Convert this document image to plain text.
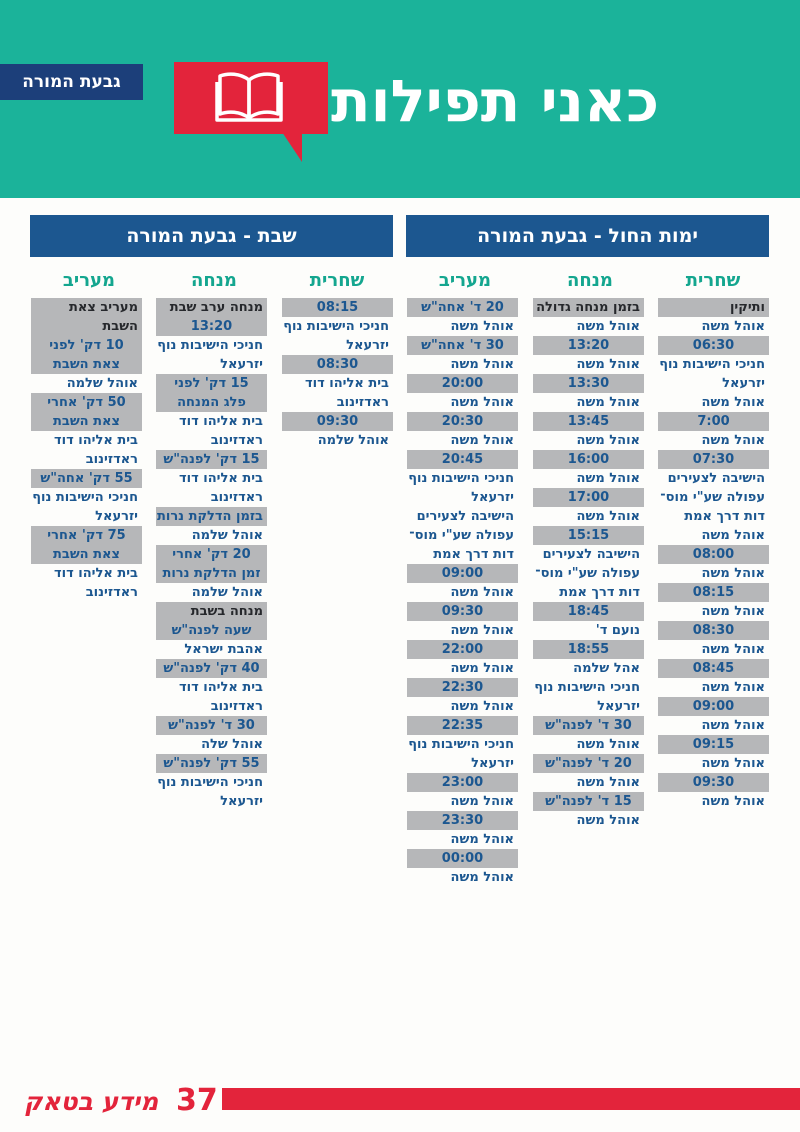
גבעת המורה	כאני תפילות
ימות החול - גבעת המורה
שבת - גבעת המורה
שחרית
מנחה
מעריב
שחרית
מנחה
מעריב
ותיקין
אוהל משה
06:30
חניכי הישיבות נוף
יזרעאל
אוהל משה
7:00
אוהל משה
07:30
הישיבה לצעירים
עפולה שע"י מוס־
דות דרך אמת
אוהל משה
08:00
אוהל משה
08:15
אוהל משה
08:30
אוהל משה
08:45
אוהל משה
09:00
אוהל משה
09:15
אוהל משה
09:30
אוהל משה
בזמן מנחה גדולה
אוהל משה
13:20
אוהל משה
13:30
אוהל משה
13:45
אוהל משה
16:00
אוהל משה
17:00
אוהל משה
15:15
הישיבה לצעירים
עפולה שע"י מוס־
דות דרך אמת
18:45
נועם ד'
18:55
אהל שלמה
חניכי הישיבות נוף
יזרעאל
30 ד' לפנה"ש
אוהל משה
20 ד' לפנה"ש
אוהל משה
15 ד' לפנה"ש
אוהל משה
20 ד' אחה"ש
אוהל משה
30 ד' אחה"ש
אוהל משה
20:00
אוהל משה
20:30
אוהל משה
20:45
חניכי הישיבות נוף
יזרעאל
הישיבה לצעירים
עפולה שע"י מוס־
דות דרך אמת
09:00
אוהל משה
09:30
אוהל משה
22:00
אוהל משה
22:30
אוהל משה
22:35
חניכי הישיבות נוף
יזרעאל
23:00
אוהל משה
23:30
אוהל משה
00:00
אוהל משה
08:15
חניכי הישיבות נוף
יזרעאל
08:30
בית אליהו דוד
ראדזינוב
09:30
אוהל שלמה
מנחה ערב שבת
13:20
חניכי הישיבות נוף
יזרעאל
15 דק' לפני
פלג המנחה
בית אליהו דוד
ראדזינוב
15 דק' לפנה"ש
בית אליהו דוד
ראדזינוב
בזמן הדלקת נרות
אוהל שלמה
20 דק' אחרי
זמן הדלקת נרות
אוהל שלמה
מנחה בשבת
שעה לפנה"ש
אהבת ישראל
40 דק' לפנה"ש
בית אליהו דוד
ראדזינוב
30 ד' לפנה"ש
אוהל שלה
55 דק' לפנה"ש
חניכי הישיבות נוף
יזרעאל
מעריב צאת
השבת
10 דק' לפני
צאת השבת
אוהל שלמה
50 דק' אחרי
צאת השבת
בית אליהו דוד
ראדזינוב
55 דק' אחה"ש
חניכי הישיבות נוף
יזרעאל
75 דק' אחרי
צאת השבת
בית אליהו דוד
ראדזינוב
37
מידע בטאק
